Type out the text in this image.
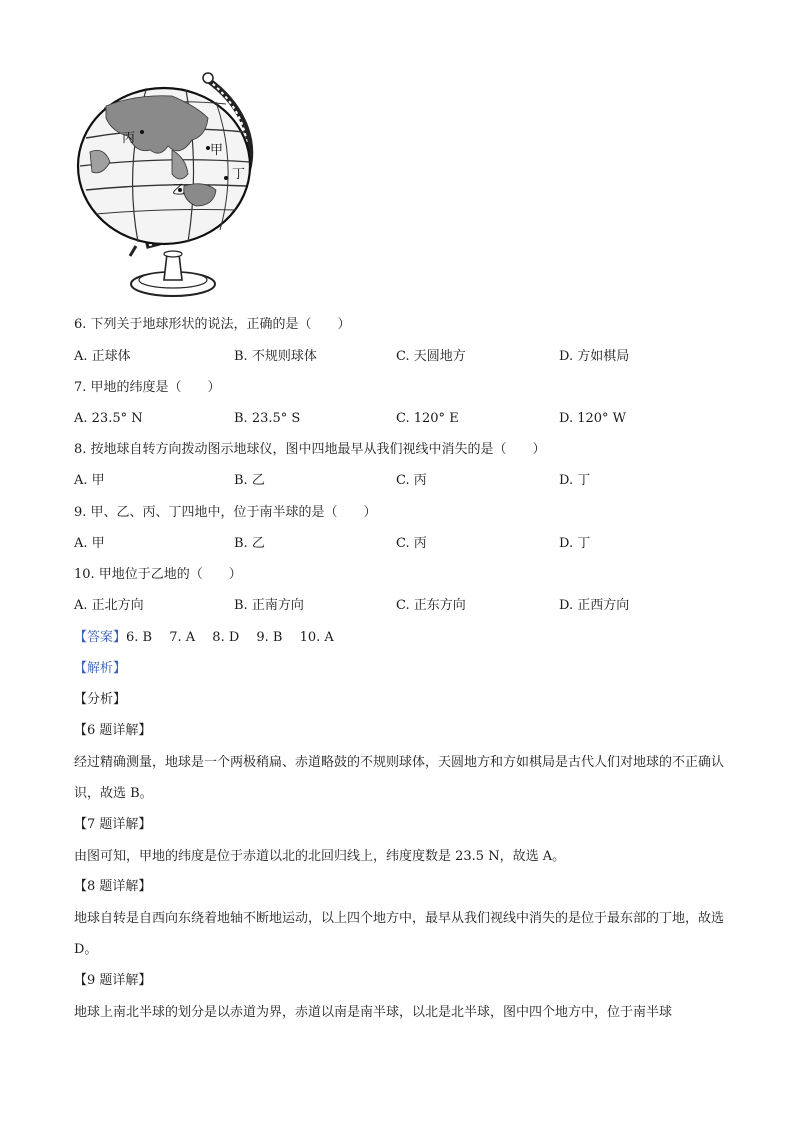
丙
甲
丁
乙
6. 下列关于地球形状的说法，正确的是（　　）
A. 正球体	B. 不规则球体	C. 天圆地方	D. 方如棋局
7. 甲地的纬度是（　　）
A. 23.5° N	B. 23.5° S	C. 120° E	D. 120° W
8. 按地球自转方向拨动图示地球仪，图中四地最早从我们视线中消失的是（　　）
A. 甲	B. 乙	C. 丙	D. 丁
9. 甲、乙、丙、丁四地中，位于南半球的是（　　）
A. 甲	B. 乙	C. 丙	D. 丁
10. 甲地位于乙地的（　　）
A. 正北方向	B. 正南方向	C. 正东方向	D. 正西方向
【答案】6. B　 7. A　 8. D　 9. B　 10. A
【解析】
【分析】
【6 题详解】
经过精确测量，地球是一个两极稍扁、赤道略鼓的不规则球体，天圆地方和方如棋局是古代人们对地球的不正确认识，故选 B。
【7 题详解】
由图可知，甲地的纬度是位于赤道以北的北回归线上，纬度度数是 23.5 N，故选 A。
【8 题详解】
地球自转是自西向东绕着地轴不断地运动，以上四个地方中，最早从我们视线中消失的是位于最东部的丁地，故选 D。
【9 题详解】
地球上南北半球的划分是以赤道为界，赤道以南是南半球，以北是北半球，图中四个地方中，位于南半球
